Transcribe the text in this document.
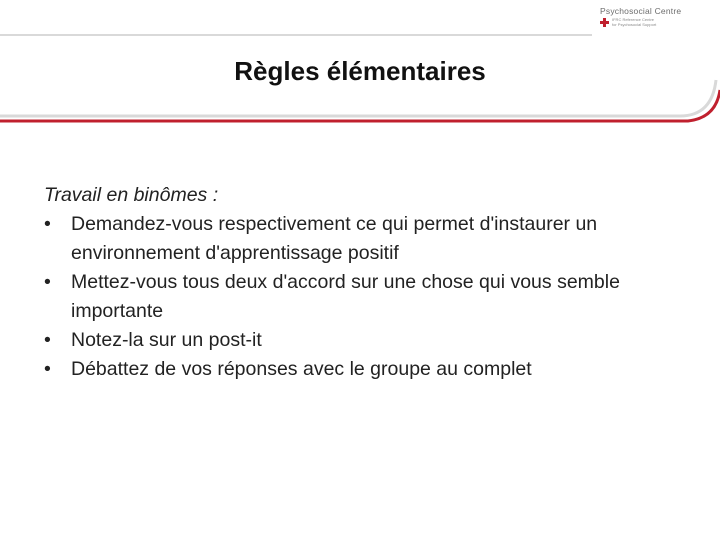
Psychosocial Centre
IFRC Reference Centre
for Psychosocial Support
Règles élémentaires
Travail en binômes :
• Demandez-vous respectivement ce qui permet d'instaurer un environnement d'apprentissage positif
• Mettez-vous tous deux d'accord sur une chose qui vous semble importante
• Notez-la sur un post-it
• Débattez de vos réponses avec le groupe au complet
